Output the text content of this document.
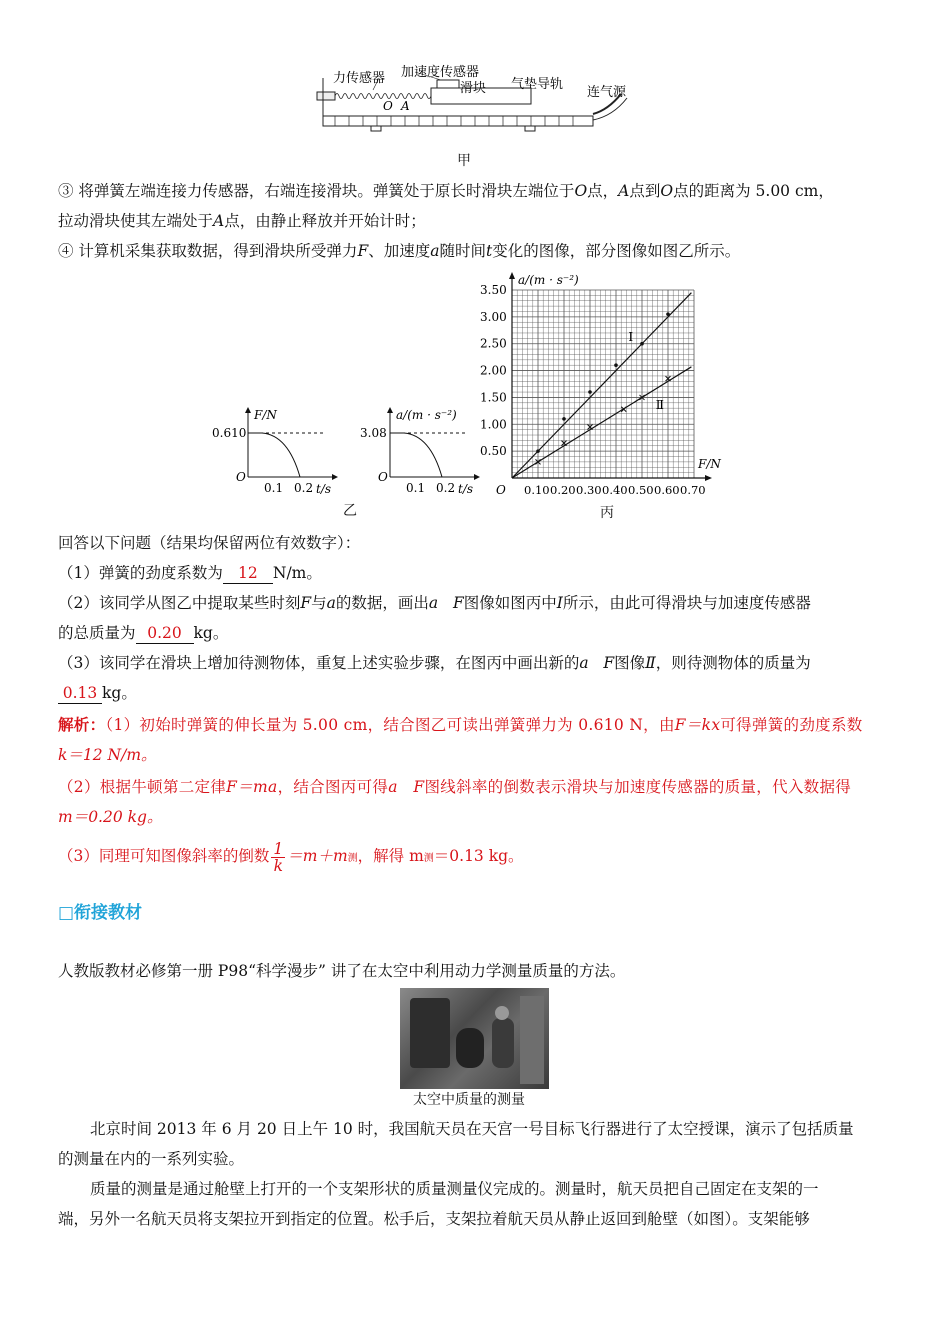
力传感器 加速度传感器
滑块 气垫导轨
连气源
O A
甲
③ 将弹簧左端连接力传感器，右端连接滑块。弹簧处于原长时滑块左端位于O点，A点到O点的距离为 5.00 cm，
拉动滑块使其左端处于A点，由静止释放并开始计时；
④ 计算机采集获取数据，得到滑块所受弹力F、加速度a随时间t变化的图像，部分图像如图乙所示。
F/N
0.610
O
0.1 0.2 t/s
a/(m · s⁻²)
3.08
O
0.1 0.2 t/s
乙
0.50
1.00
1.50
2.00
2.50
3.00
3.50
0.10 0.20 0.30 0.40 0.50 0.60 0.70
O
a/(m · s⁻²)
F/N
Ⅰ
Ⅱ
丙
回答以下问题（结果均保留两位有效数字）：
（1）弹簧的劲度系数为 12 N/m。
（2）该同学从图乙中提取某些时刻F与a的数据，画出a F图像如图丙中Ⅰ所示，由此可得滑块与加速度传感器
的总质量为 0.20 kg。
（3）该同学在滑块上增加待测物体，重复上述实验步骤，在图丙中画出新的a F图像Ⅱ，则待测物体的质量为
0.13 kg。
解析：（1）初始时弹簧的伸长量为 5.00 cm，结合图乙可读出弹簧弹力为 0.610 N，由F＝kx可得弹簧的劲度系数
k＝12 N/m。
（2）根据牛顿第二定律F＝ma，结合图丙可得a F图线斜率的倒数表示滑块与加速度传感器的质量，代入数据得
m＝0.20 kg。
（3）同理可知图像斜率的倒数 $\frac{1}{k} =m+m$测，解得 m测＝0.13 kg。
□衔接教材
人教版教材必修第一册 P98“科学漫步” 讲了在太空中利用动力学测量质量的方法。
太空中质量的测量
北京时间 2013 年 6 月 20 日上午 10 时，我国航天员在天宫一号目标飞行器进行了太空授课，演示了包括质量
的测量在内的一系列实验。
质量的测量是通过舱壁上打开的一个支架形状的质量测量仪完成的。测量时，航天员把自己固定在支架的一
端，另外一名航天员将支架拉开到指定的位置。松手后，支架拉着航天员从静止返回到舱壁（如图）。支架能够
